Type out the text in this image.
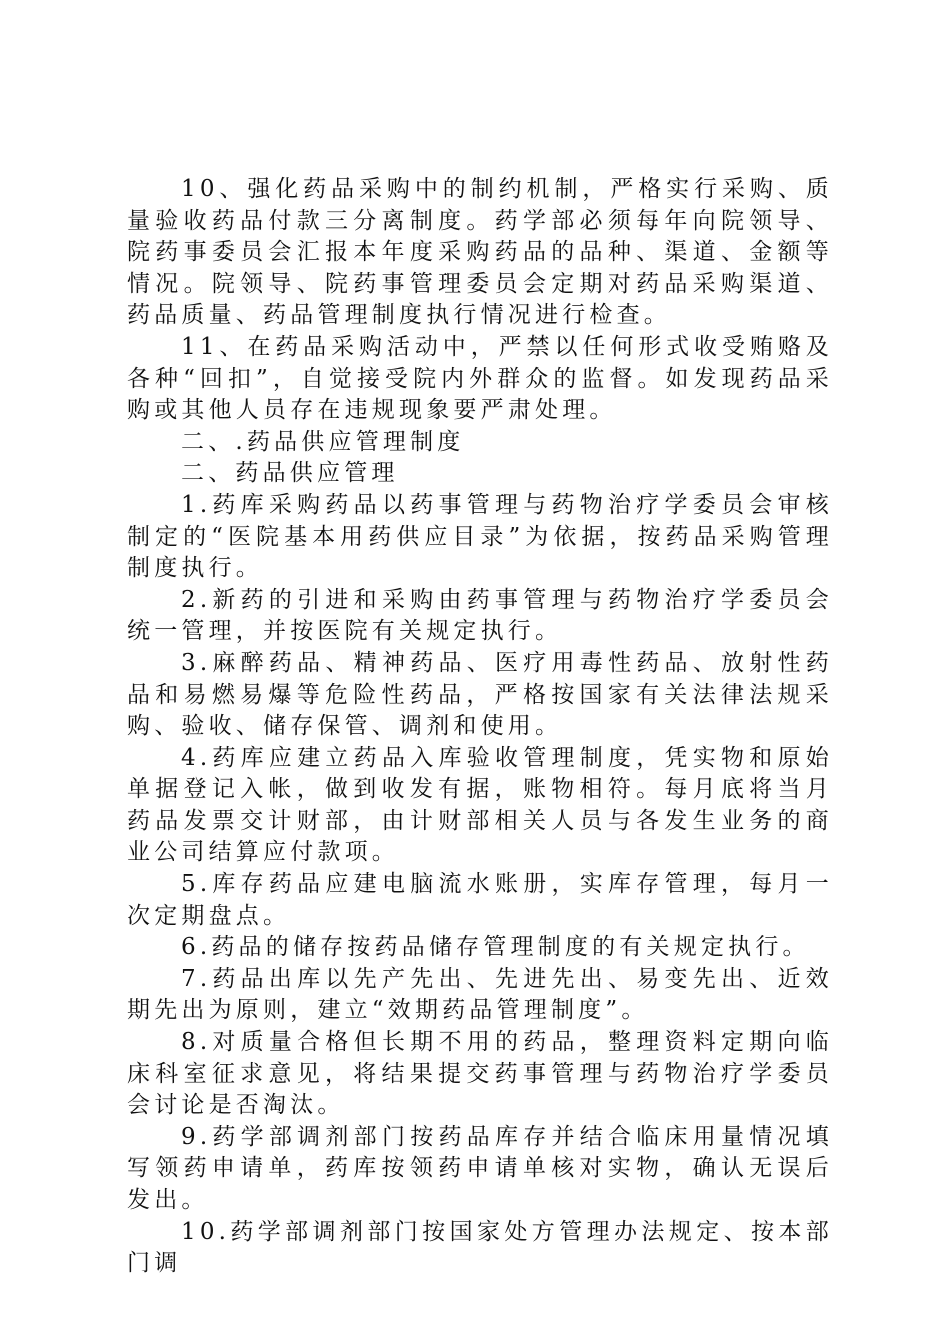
10、强化药品采购中的制约机制，严格实行采购、质量验收药品付款三分离制度。药学部必须每年向院领导、院药事委员会汇报本年度采购药品的品种、渠道、金额等情况。院领导、院药事管理委员会定期对药品采购渠道、药品质量、药品管理制度执行情况进行检查。

11、在药品采购活动中，严禁以任何形式收受贿赂及各种“回扣”，自觉接受院内外群众的监督。如发现药品采购或其他人员存在违规现象要严肃处理。

二、.药品供应管理制度

二、药品供应管理

1.药库采购药品以药事管理与药物治疗学委员会审核制定的“医院基本用药供应目录”为依据，按药品采购管理制度执行。

2.新药的引进和采购由药事管理与药物治疗学委员会统一管理，并按医院有关规定执行。

3.麻醉药品、精神药品、医疗用毒性药品、放射性药品和易燃易爆等危险性药品，严格按国家有关法律法规采购、验收、储存保管、调剂和使用。

4.药库应建立药品入库验收管理制度，凭实物和原始单据登记入帐，做到收发有据，账物相符。每月底将当月药品发票交计财部，由计财部相关人员与各发生业务的商业公司结算应付款项。

5.库存药品应建电脑流水账册，实库存管理，每月一次定期盘点。

6.药品的储存按药品储存管理制度的有关规定执行。

7.药品出库以先产先出、先进先出、易变先出、近效期先出为原则，建立“效期药品管理制度”。

8.对质量合格但长期不用的药品，整理资料定期向临床科室征求意见，将结果提交药事管理与药物治疗学委员会讨论是否淘汰。

9.药学部调剂部门按药品库存并结合临床用量情况填写领药申请单，药库按领药申请单核对实物，确认无误后发出。

10.药学部调剂部门按国家处方管理办法规定、按本部门调
